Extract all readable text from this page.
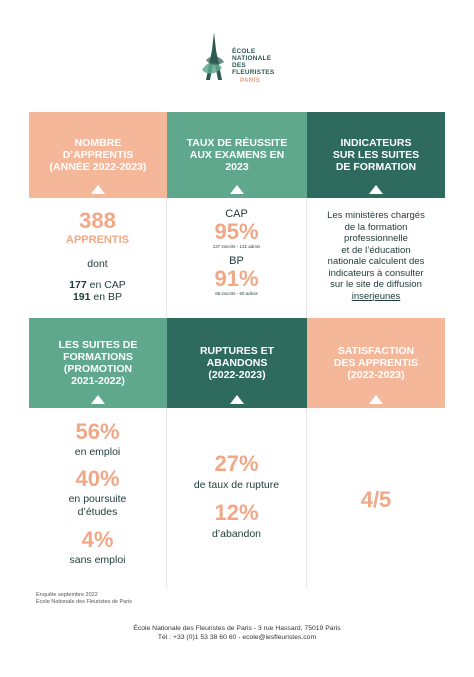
ÉCOLE
NATIONALE
DES
FLEURISTES
PARIS
NOMBRE
D’APPRENTIS
(ANNÉE 2022-2023)
TAUX DE RÉUSSITE
AUX EXAMENS EN
2023
INDICATEURS
SUR LES SUITES
DE FORMATION
388
APPRENTIS
dont
177 en CAP
191 en BP
CAP
95%
137 inscrits - 131 admis
BP
91%
66 inscrits - 60 admis
Les ministères chargés
de la formation
professionnelle
et de l’éducation
nationale calculent des
indicateurs à consulter
sur le site de diffusion
inserjeunes
LES SUITES DE
FORMATIONS
(PROMOTION
2021-2022)
RUPTURES ET
ABANDONS
(2022-2023)
SATISFACTION
DES APPRENTIS
(2022-2023)
56%
en emploi
40%
en poursuite
d’études
4%
sans emploi
27%
de taux de rupture
12%
d’abandon
4/5
Enquête septembre 2022
École Nationale des Fleuristes de Paris
École Nationale des Fleuristes de Paris - 3 rue Hassard, 75019 Paris
Tél : +33 (0)1 53 38 60 60 - ecole@lesfleuristes.com
